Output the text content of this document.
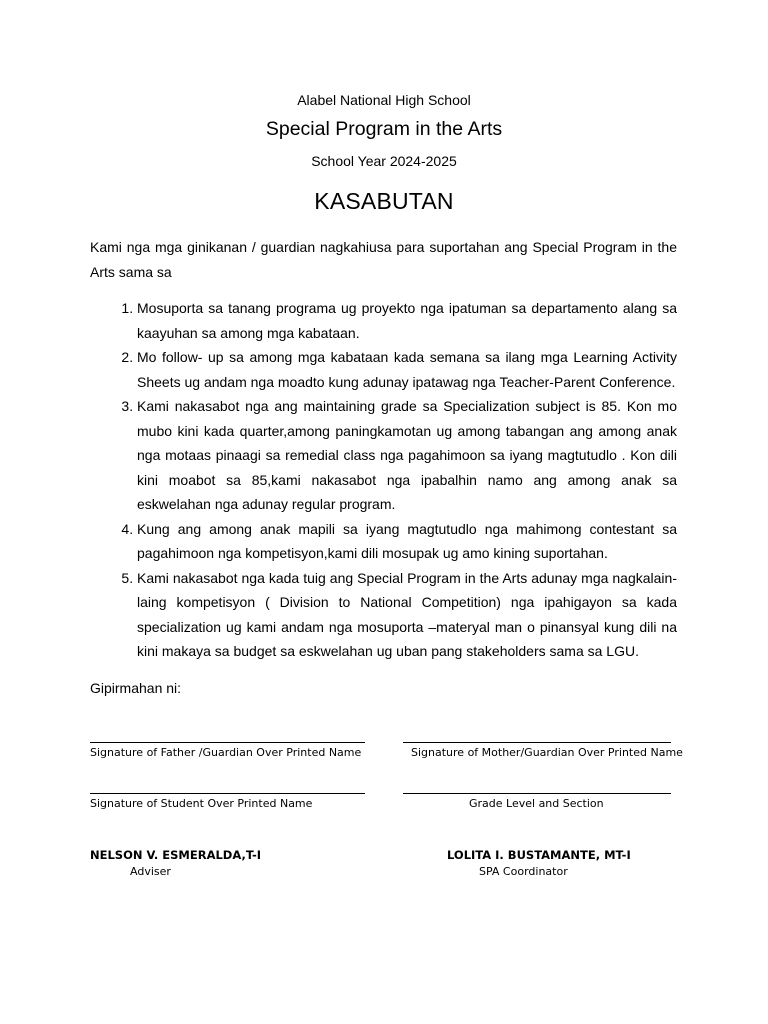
Alabel National High School
Special Program in the Arts
School Year 2024-2025
KASABUTAN
Kami nga mga ginikanan / guardian nagkahiusa para suportahan ang Special Program in the Arts sama sa
1. Mosuporta sa tanang programa ug proyekto nga ipatuman sa departamento alang sa kaayuhan sa among mga kabataan.
2. Mo follow- up sa among mga kabataan kada semana sa ilang mga Learning Activity Sheets ug andam nga moadto kung adunay ipatawag nga Teacher-Parent Conference.
3. Kami nakasabot nga ang maintaining grade sa Specialization subject is 85. Kon mo mubo kini kada quarter,among paningkamotan ug among tabangan ang among anak nga motaas pinaagi sa remedial class nga pagahimoon sa iyang magtutudlo . Kon dili kini moabot sa 85,kami nakasabot nga ipabalhin namo ang among anak sa eskwelahan nga adunay regular program.
4. Kung ang among anak mapili sa iyang magtutudlo nga mahimong contestant sa pagahimoon nga kompetisyon,kami dili mosupak ug amo kining suportahan.
5. Kami nakasabot nga kada tuig ang Special Program in the Arts adunay mga nagkalain-laing kompetisyon ( Division to National Competition) nga ipahigayon sa kada specialization ug kami andam nga mosuporta –materyal man o pinansyal kung dili na kini makaya sa budget sa eskwelahan ug uban pang stakeholders sama sa LGU.
Gipirmahan ni:
Signature of Father /Guardian Over Printed Name	Signature of Mother/Guardian Over Printed Name
Signature of Student Over Printed Name	Grade Level and Section
NELSON V. ESMERALDA,T-I
Adviser
LOLITA I. BUSTAMANTE, MT-I
SPA Coordinator
